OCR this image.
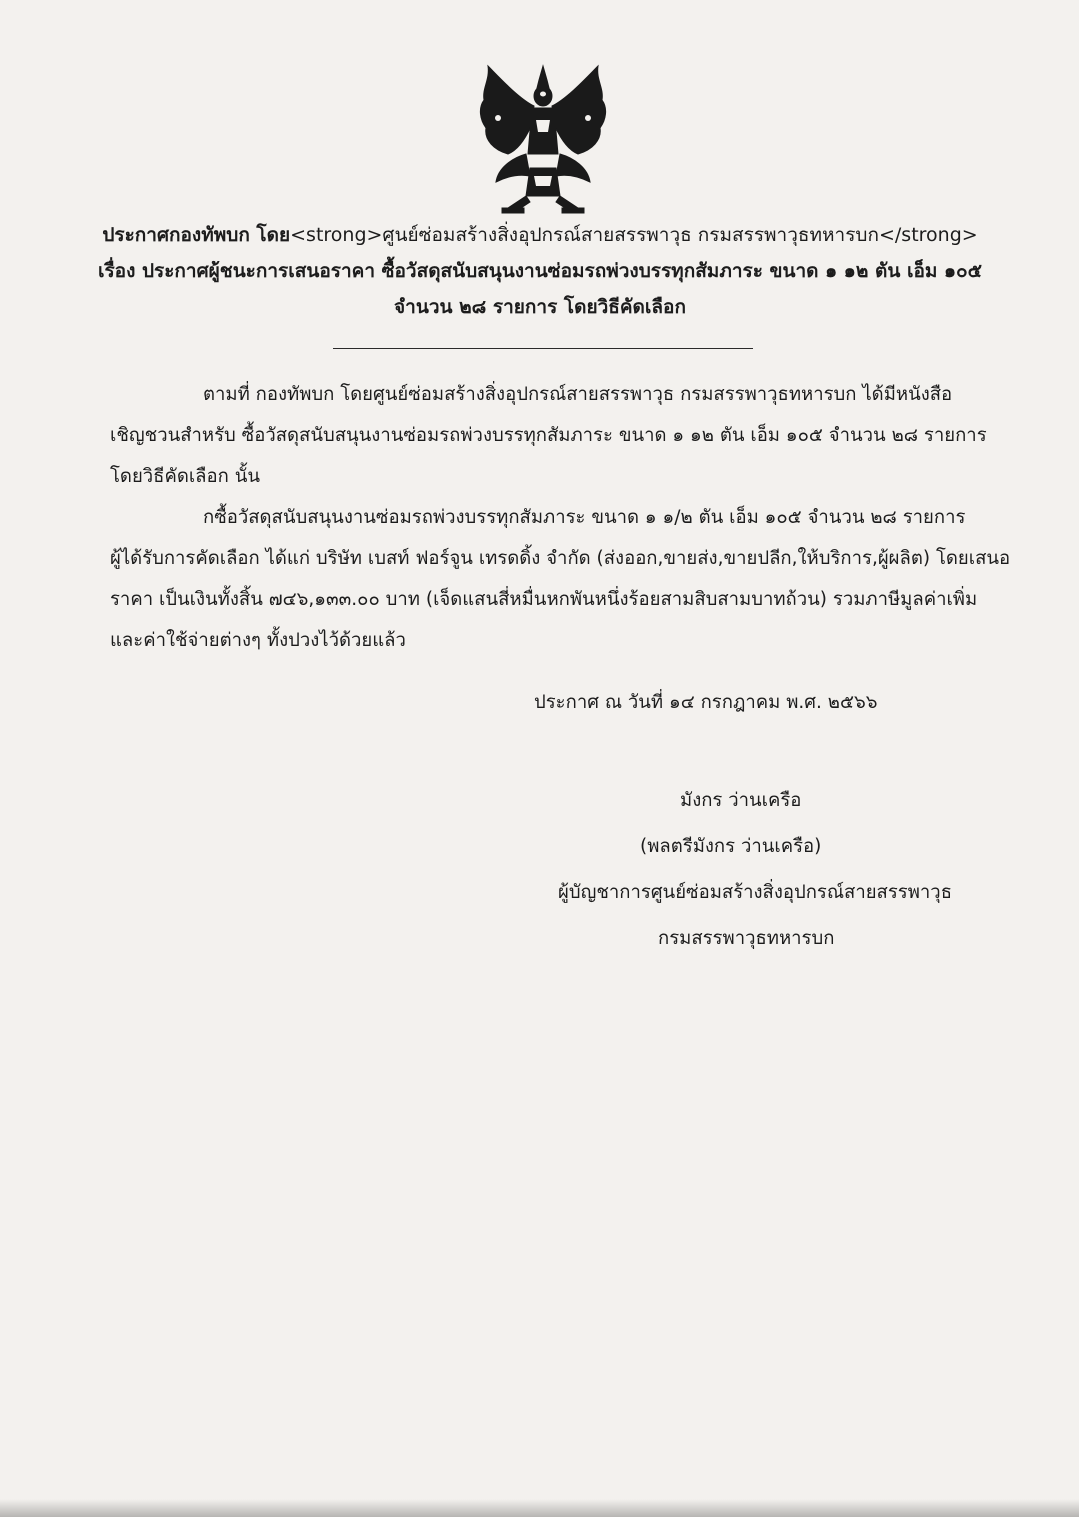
ประกาศกองทัพบก โดย<strong>ศูนย์ซ่อมสร้างสิ่งอุปกรณ์สายสรรพาวุธ กรมสรรพาวุธทหารบก</strong>
เรื่อง ประกาศผู้ชนะการเสนอราคา ซื้อวัสดุสนับสนุนงานซ่อมรถพ่วงบรรทุกสัมภาระ ขนาด ๑ ๑๒ ตัน เอ็ม ๑๐๕
จำนวน ๒๘ รายการ โดยวิธีคัดเลือก
ตามที่ กองทัพบก โดยศูนย์ซ่อมสร้างสิ่งอุปกรณ์สายสรรพาวุธ กรมสรรพาวุธทหารบก ได้มีหนังสือ
เชิญชวนสำหรับ ซื้อวัสดุสนับสนุนงานซ่อมรถพ่วงบรรทุกสัมภาระ ขนาด ๑ ๑๒ ตัน เอ็ม ๑๐๕ จำนวน ๒๘ รายการ
โดยวิธีคัดเลือก นั้น
กซื้อวัสดุสนับสนุนงานซ่อมรถพ่วงบรรทุกสัมภาระ ขนาด ๑ ๑/๒ ตัน เอ็ม ๑๐๕ จำนวน ๒๘ รายการ
ผู้ได้รับการคัดเลือก ได้แก่ บริษัท เบสท์ ฟอร์จูน เทรดดิ้ง จำกัด (ส่งออก,ขายส่ง,ขายปลีก,ให้บริการ,ผู้ผลิต) โดยเสนอ
ราคา เป็นเงินทั้งสิ้น ๗๔๖,๑๓๓.๐๐ บาท (เจ็ดแสนสี่หมื่นหกพันหนึ่งร้อยสามสิบสามบาทถ้วน) รวมภาษีมูลค่าเพิ่ม
และค่าใช้จ่ายต่างๆ ทั้งปวงไว้ด้วยแล้ว
ประกาศ ณ วันที่ ๑๔ กรกฎาคม พ.ศ. ๒๕๖๖
มังกร ว่านเครือ
(พลตรีมังกร ว่านเครือ)
ผู้บัญชาการศูนย์ซ่อมสร้างสิ่งอุปกรณ์สายสรรพาวุธ
กรมสรรพาวุธทหารบก
